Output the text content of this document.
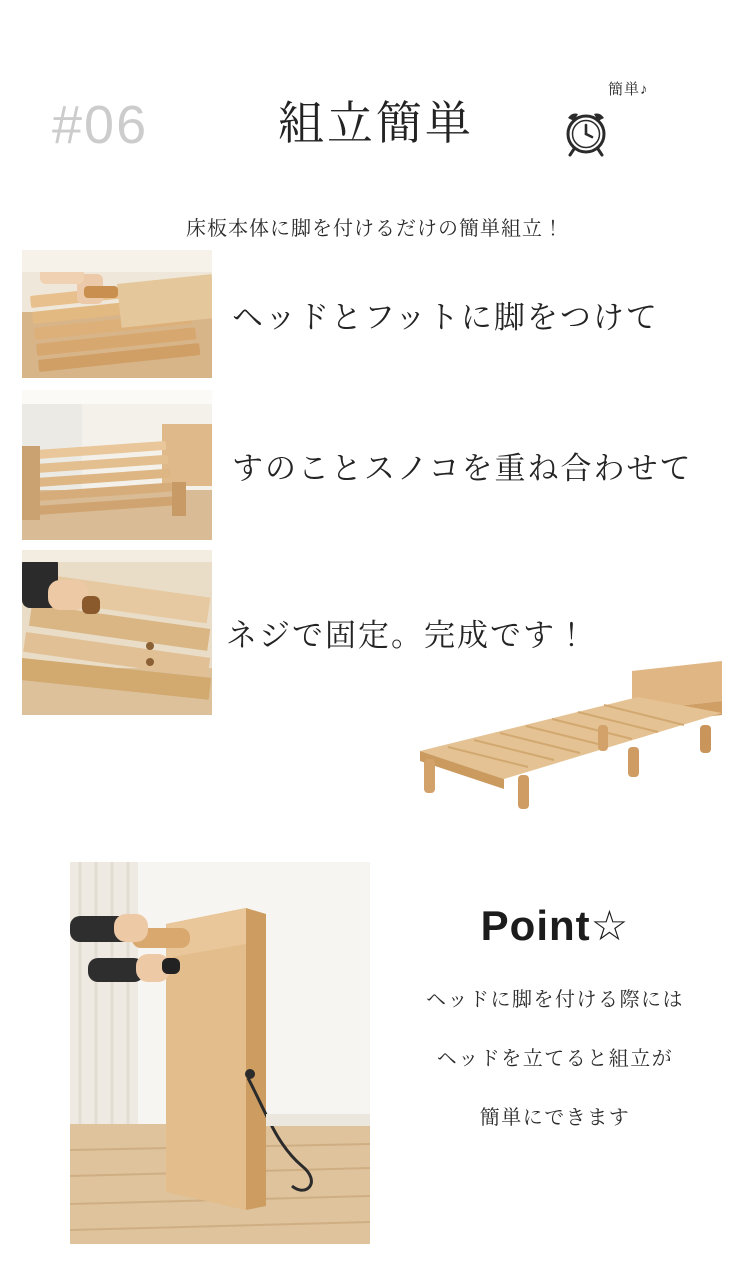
#06	組立簡単
簡単♪
床板本体に脚を付けるだけの簡単組立！
ヘッドとフットに脚をつけて
すのことスノコを重ね合わせて
ネジで固定。完成です！
Point☆
ヘッドに脚を付ける際には
ヘッドを立てると組立が
簡単にできます
